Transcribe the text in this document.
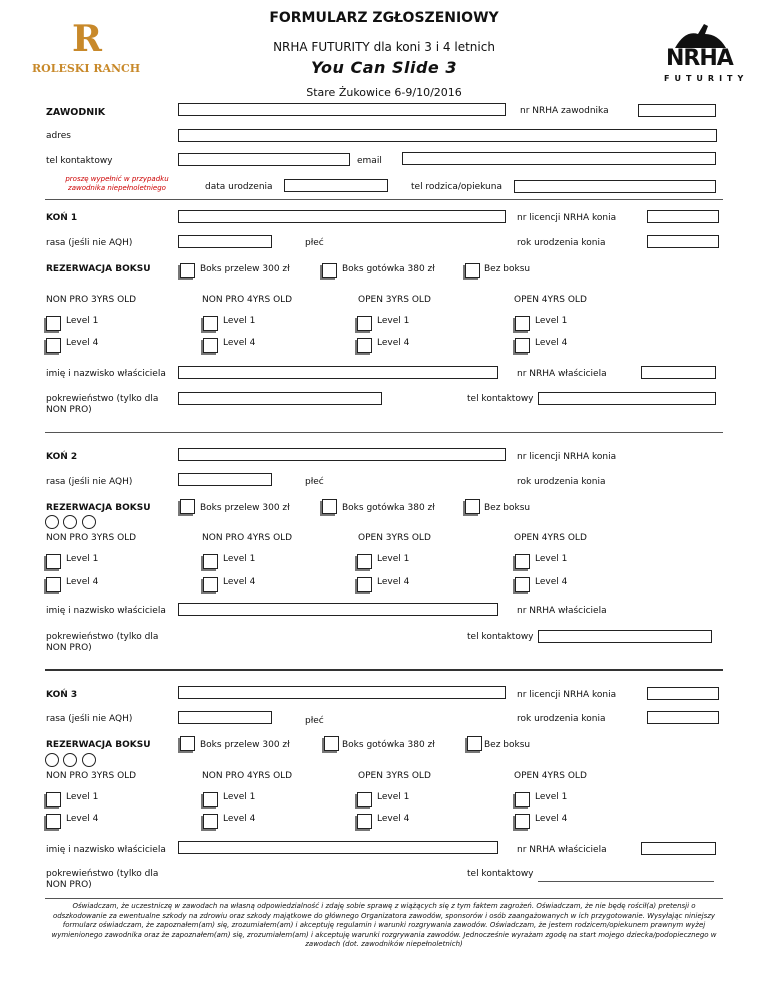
FORMULARZ ZGŁOSZENIOWY
NRHA FUTURITY dla koni 3 i 4 letnich
You Can Slide 3
Stare Żukowice 6-9/10/2016
R
ROLESKI RANCH	NRHA
FUTURITY
ZAWODNIK	nr NRHA zawodnika
adres
tel kontaktowy	email
proszę wypełnić w przypadku
zawodnika niepełnoletniego	data urodzenia	tel rodzica/opiekuna
KOŃ 1	nr licencji NRHA konia
rasa (jeśli nie AQH)	płeć	rok urodzenia konia
REZERWACJA BOKSU	Boks przelew 300 zł	Boks gotówka 380 zł	Bez boksu
NON PRO 3YRS OLD	NON PRO 4YRS OLD	OPEN 3YRS OLD	OPEN 4YRS OLD
Level 1	Level 1	Level 1	Level 1
Level 4	Level 4	Level 4	Level 4
imię i nazwisko właściciela	nr NRHA właściciela
pokrewieństwo (tylko dla
NON PRO)
tel kontaktowy
KOŃ 2	nr licencji NRHA konia
rasa (jeśli nie AQH)	płeć	rok urodzenia konia
REZERWACJA BOKSU	Boks przelew 300 zł	Boks gotówka 380 zł	Bez boksu
NON PRO 3YRS OLD	NON PRO 4YRS OLD	OPEN 3YRS OLD	OPEN 4YRS OLD
Level 1	Level 1	Level 1	Level 1
Level 4	Level 4	Level 4	Level 4
imię i nazwisko właściciela	nr NRHA właściciela
pokrewieństwo (tylko dla
NON PRO)
tel kontaktowy
KOŃ 3	nr licencji NRHA konia
rasa (jeśli nie AQH)	płeć	rok urodzenia konia
REZERWACJA BOKSU	Boks przelew 300 zł	Boks gotówka 380 zł	Bez boksu
NON PRO 3YRS OLD	NON PRO 4YRS OLD	OPEN 3YRS OLD	OPEN 4YRS OLD
Level 1	Level 1	Level 1	Level 1
Level 4	Level 4	Level 4	Level 4
imię i nazwisko właściciela	nr NRHA właściciela
pokrewieństwo (tylko dla
NON PRO)
tel kontaktowy
Oświadczam, że uczestniczę w zawodach na własną odpowiedzialność i zdaję sobie sprawę z wiążących się z tym faktem zagrożeń. Oświadczam, że nie będę rościł(a) pretensji o odszkodowanie za ewentualne szkody na zdrowiu oraz szkody majątkowe do głównego Organizatora zawodów, sponsorów i osób zaangażowanych w ich przygotowanie. Wysyłając niniejszy formularz oświadczam, że zapoznałem(am) się, zrozumiałem(am) i akceptuję regulamin i warunki rozgrywania zawodów. Oświadczam, że jestem rodzicem/opiekunem prawnym wyżej wymienionego zawodnika oraz że zapoznałem(am) się, zrozumiałem(am) i akceptuję warunki rozgrywania zawodów. Jednocześnie wyrażam zgodę na start mojego dziecka/podopiecznego w zawodach (dot. zawodników niepełnoletnich)
